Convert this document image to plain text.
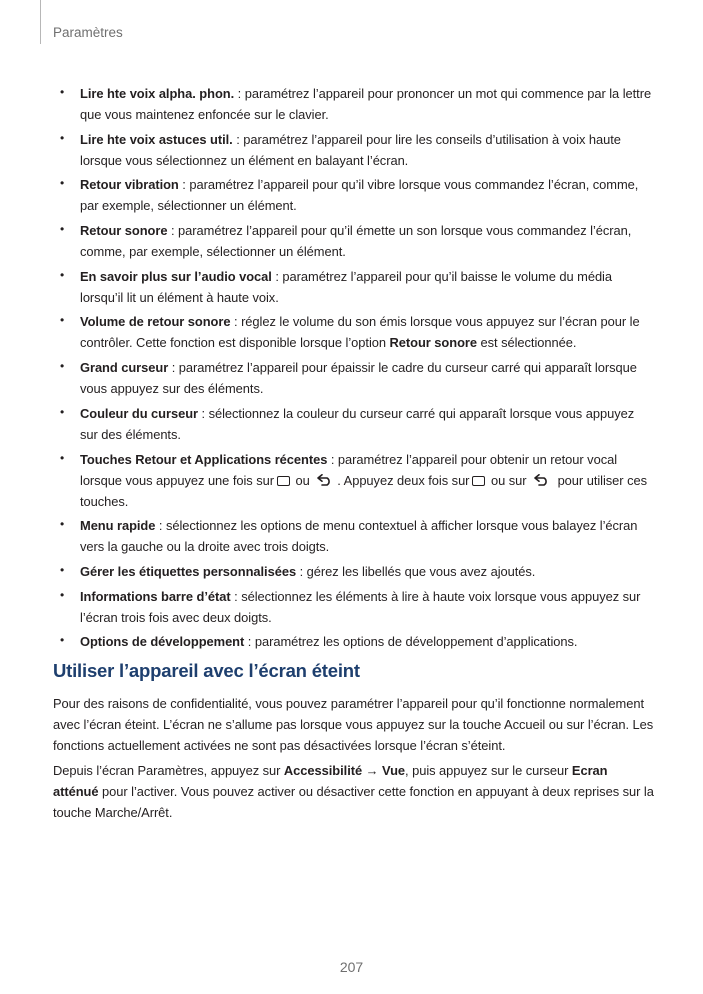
Paramètres
• Lire hte voix alpha. phon. : paramétrez l’appareil pour prononcer un mot qui commence par la lettre que vous maintenez enfoncée sur le clavier.
• Lire hte voix astuces util. : paramétrez l’appareil pour lire les conseils d’utilisation à voix haute lorsque vous sélectionnez un élément en balayant l’écran.
• Retour vibration : paramétrez l’appareil pour qu’il vibre lorsque vous commandez l’écran, comme, par exemple, sélectionner un élément.
• Retour sonore : paramétrez l’appareil pour qu’il émette un son lorsque vous commandez l’écran, comme, par exemple, sélectionner un élément.
• En savoir plus sur l’audio vocal : paramétrez l’appareil pour qu’il baisse le volume du média lorsqu’il lit un élément à haute voix.
• Volume de retour sonore : réglez le volume du son émis lorsque vous appuyez sur l’écran pour le contrôler. Cette fonction est disponible lorsque l’option Retour sonore est sélectionnée.
• Grand curseur : paramétrez l’appareil pour épaissir le cadre du curseur carré qui apparaît lorsque vous appuyez sur des éléments.
• Couleur du curseur : sélectionnez la couleur du curseur carré qui apparaît lorsque vous appuyez sur des éléments.
• Touches Retour et Applications récentes : paramétrez l’appareil pour obtenir un retour vocal lorsque vous appuyez une fois sur ou . Appuyez deux fois sur ou sur  pour utiliser ces touches.
• Menu rapide : sélectionnez les options de menu contextuel à afficher lorsque vous balayez l’écran vers la gauche ou la droite avec trois doigts.
• Gérer les étiquettes personnalisées : gérez les libellés que vous avez ajoutés.
• Informations barre d’état : sélectionnez les éléments à lire à haute voix lorsque vous appuyez sur l’écran trois fois avec deux doigts.
• Options de développement : paramétrez les options de développement d’applications.
Utiliser l’appareil avec l’écran éteint

Pour des raisons de confidentialité, vous pouvez paramétrer l’appareil pour qu’il fonctionne normalement avec l’écran éteint. L’écran ne s’allume pas lorsque vous appuyez sur la touche Accueil ou sur l’écran. Les fonctions actuellement activées ne sont pas désactivées lorsque l’écran s’éteint.

Depuis l’écran Paramètres, appuyez sur Accessibilité → Vue, puis appuyez sur le curseur Ecran atténué pour l’activer. Vous pouvez activer ou désactiver cette fonction en appuyant à deux reprises sur la touche Marche/Arrêt.

207
